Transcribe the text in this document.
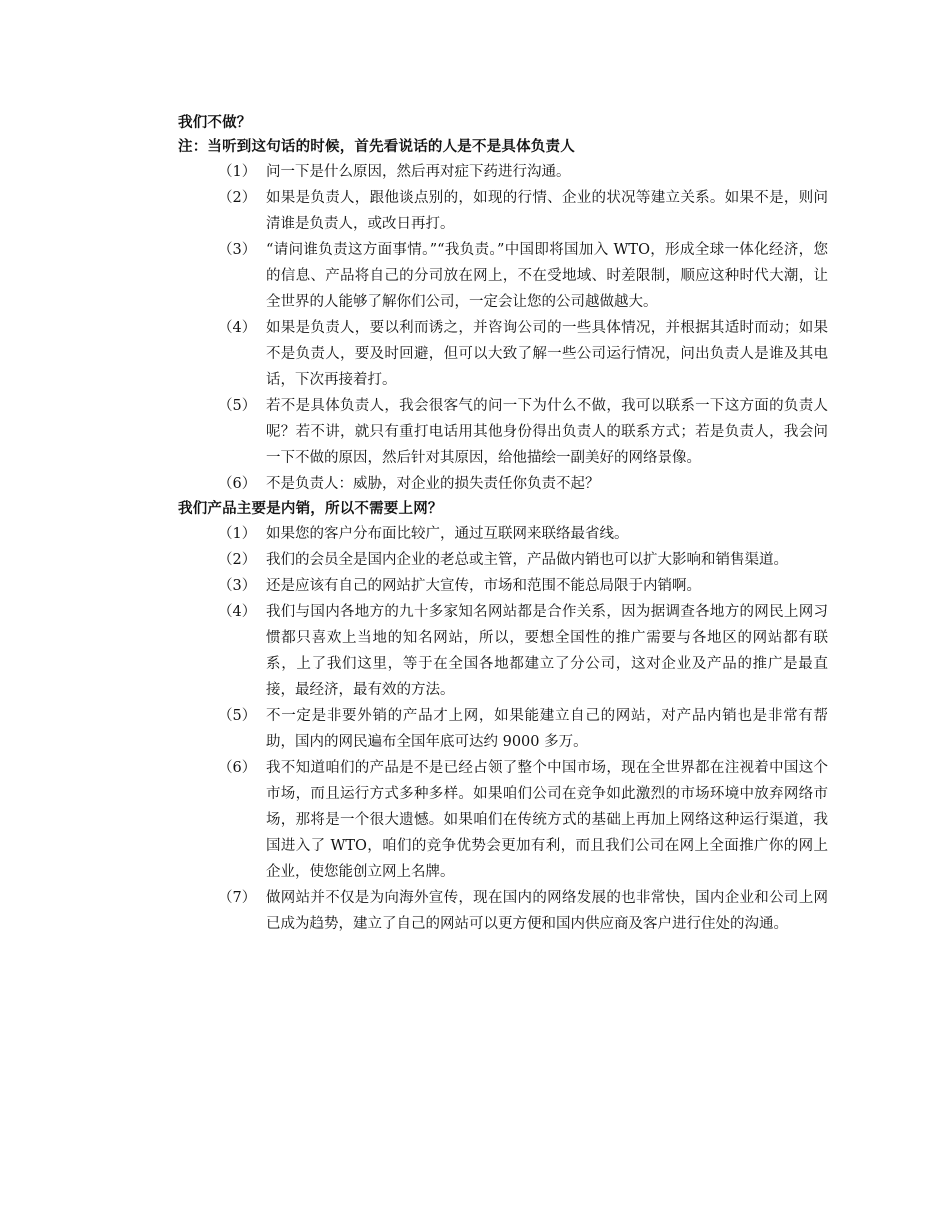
我们不做？
注：当听到这句话的时候，首先看说话的人是不是具体负责人
（1） 问一下是什么原因，然后再对症下药进行沟通。
（2） 如果是负责人，跟他谈点别的，如现的行情、企业的状况等建立关系。如果不是，则问清谁是负责人，或改日再打。
（3） “请问谁负责这方面事情。”“我负责。”中国即将国加入 WTO，形成全球一体化经济，您的信息、产品将自己的分司放在网上，不在受地域、时差限制，顺应这种时代大潮，让全世界的人能够了解你们公司，一定会让您的公司越做越大。
（4） 如果是负责人，要以利而诱之，并咨询公司的一些具体情况，并根据其适时而动；如果不是负责人，要及时回避，但可以大致了解一些公司运行情况，问出负责人是谁及其电话，下次再接着打。
（5） 若不是具体负责人，我会很客气的问一下为什么不做，我可以联系一下这方面的负责人呢？若不讲，就只有重打电话用其他身份得出负责人的联系方式；若是负责人，我会问一下不做的原因，然后针对其原因，给他描绘一副美好的网络景像。
（6） 不是负责人：威胁，对企业的损失责任你负责不起？
我们产品主要是内销，所以不需要上网？
（1） 如果您的客户分布面比较广，通过互联网来联络最省线。
（2） 我们的会员全是国内企业的老总或主管，产品做内销也可以扩大影响和销售渠道。
（3） 还是应该有自己的网站扩大宣传，市场和范围不能总局限于内销啊。
（4） 我们与国内各地方的九十多家知名网站都是合作关系，因为据调查各地方的网民上网习惯都只喜欢上当地的知名网站，所以，要想全国性的推广需要与各地区的网站都有联系，上了我们这里，等于在全国各地都建立了分公司，这对企业及产品的推广是最直接，最经济，最有效的方法。
（5） 不一定是非要外销的产品才上网，如果能建立自己的网站，对产品内销也是非常有帮助，国内的网民遍布全国年底可达约 9000 多万。
（6） 我不知道咱们的产品是不是已经占领了整个中国市场，现在全世界都在注视着中国这个市场，而且运行方式多种多样。如果咱们公司在竞争如此激烈的市场环境中放弃网络市场，那将是一个很大遗憾。如果咱们在传统方式的基础上再加上网络这种运行渠道，我国进入了 WTO，咱们的竞争优势会更加有利，而且我们公司在网上全面推广你的网上企业，使您能创立网上名牌。
（7） 做网站并不仅是为向海外宣传，现在国内的网络发展的也非常快，国内企业和公司上网已成为趋势，建立了自己的网站可以更方便和国内供应商及客户进行住处的沟通。
